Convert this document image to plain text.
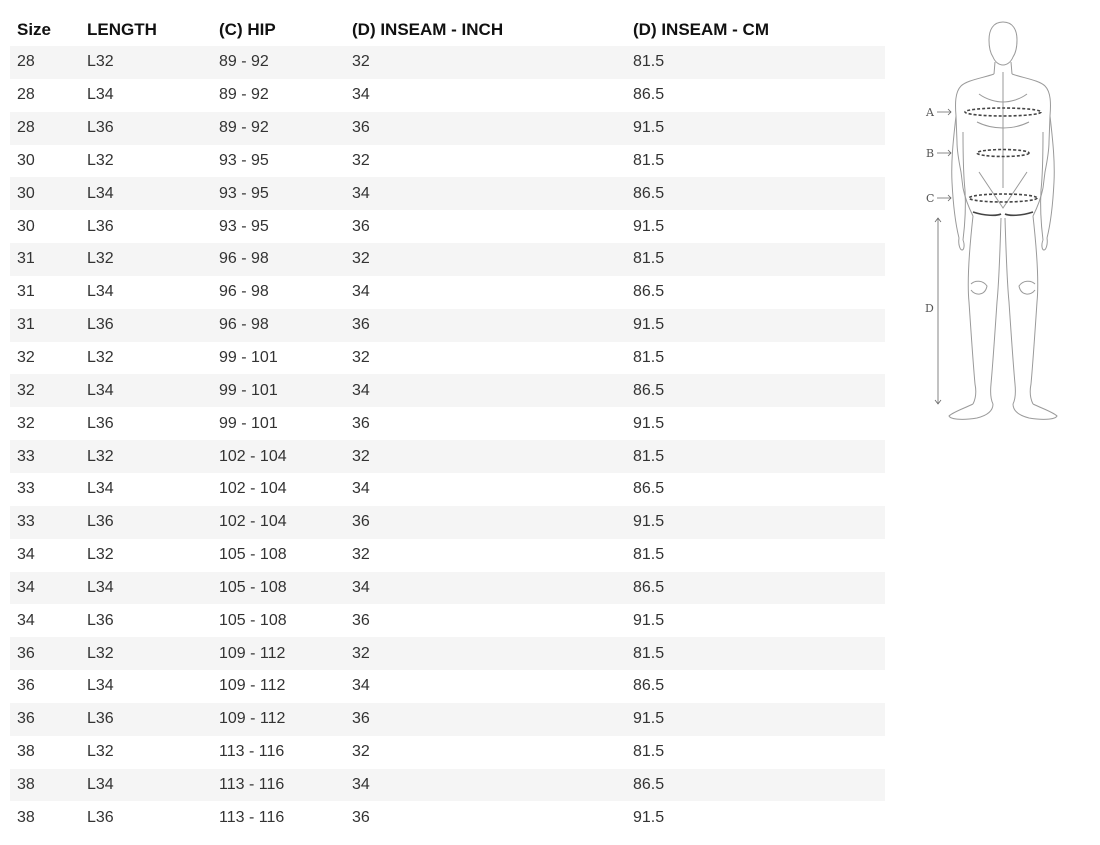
Size	LENGTH	(C) HIP	(D) INSEAM - INCH	(D) INSEAM - CM
28	L32	89 - 92	32	81.5
28	L34	89 - 92	34	86.5
28	L36	89 - 92	36	91.5
30	L32	93 - 95	32	81.5
30	L34	93 - 95	34	86.5
30	L36	93 - 95	36	91.5
31	L32	96 - 98	32	81.5
31	L34	96 - 98	34	86.5
31	L36	96 - 98	36	91.5
32	L32	99 - 101	32	81.5
32	L34	99 - 101	34	86.5
32	L36	99 - 101	36	91.5
33	L32	102 - 104	32	81.5
33	L34	102 - 104	34	86.5
33	L36	102 - 104	36	91.5
34	L32	105 - 108	32	81.5
34	L34	105 - 108	34	86.5
34	L36	105 - 108	36	91.5
36	L32	109 - 112	32	81.5
36	L34	109 - 112	34	86.5
36	L36	109 - 112	36	91.5
38	L32	113 - 116	32	81.5
38	L34	113 - 116	34	86.5
38	L36	113 - 116	36	91.5
A
B
C
D
